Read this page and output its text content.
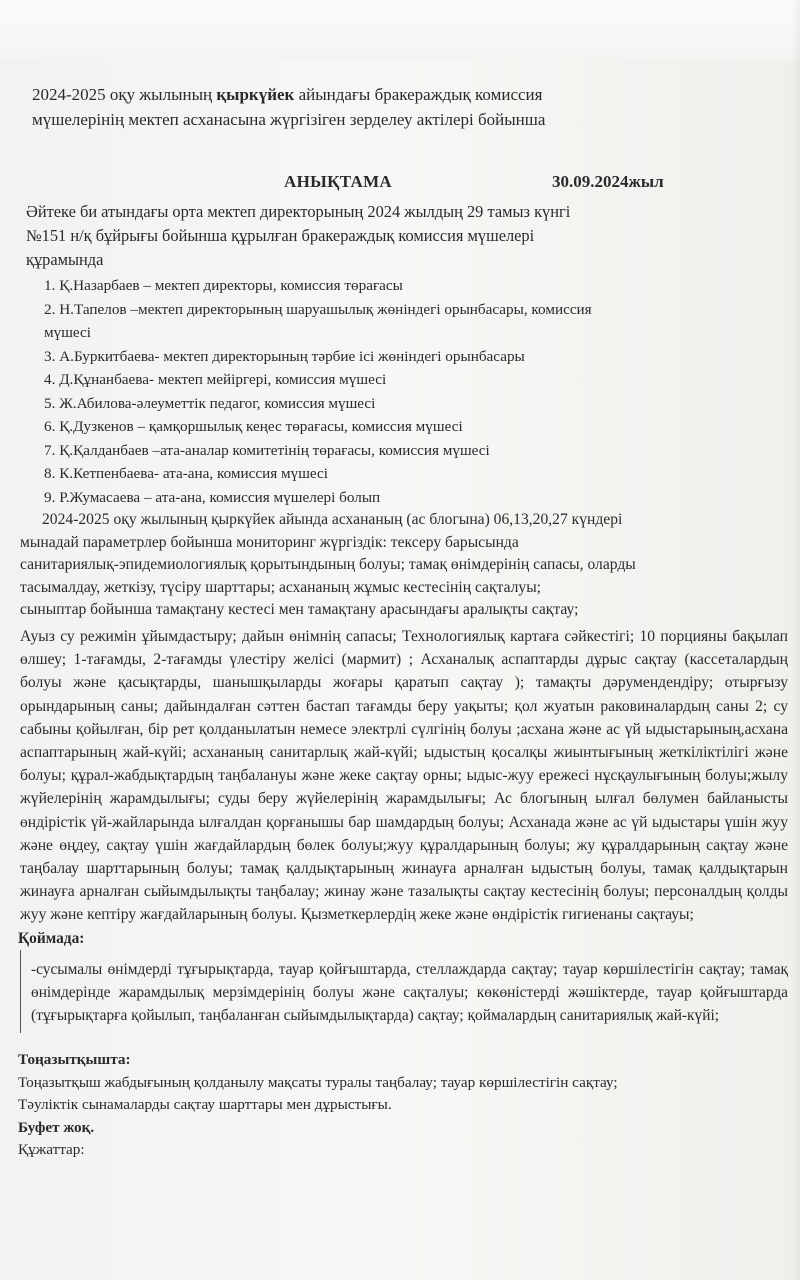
2024-2025 оқу жылының қыркүйек айындағы бракераждық комиссия
мүшелерінің мектеп асханасына жүргізіген зерделеу актілері бойынша

АНЫҚТАМА	30.09.2024жыл

Әйтеке би атындағы орта мектеп директорының 2024 жылдың 29 тамыз күнгі
№151 н/қ бұйрығы бойынша құрылған бракераждық комиссия мүшелері
құрамында

1. Қ.Назарбаев – мектеп директоры, комиссия төрағасы
2. Н.Тапелов –мектеп директорының шаруашылық жөніндегі орынбасары, комиссия
мүшесі
3. А.Буркитбаева- мектеп директорының тәрбие ісі жөніндегі орынбасары
4. Д.Құнанбаева- мектеп мейіргері, комиссия мүшесі
5. Ж.Абилова-әлеуметтік педагог, комиссия мүшесі
6. Қ.Дузкенов – қамқоршылық кеңес төрағасы, комиссия мүшесі
7. Қ.Қалданбаев –ата-аналар комитетінің төрағасы, комиссия мүшесі
8. К.Кетпенбаева- ата-ана, комиссия мүшесі
9. Р.Жумасаева – ата-ана, комиссия мүшелері болып

2024-2025 оқу жылының қыркүйек айында асхананың (ас блогына) 06,13,20,27 күндері

мынадай параметрлер бойынша мониторинг жүргіздік: тексеру барысында

санитариялық-эпидемиологиялық қорытындының болуы; тамақ өнімдерінің сапасы, оларды

тасымалдау, жеткізу, түсіру шарттары; асхананың жұмыс кестесінің сақталуы;

сыныптар бойынша тамақтану кестесі мен тамақтану арасындағы аралықты сақтау;

Ауыз су режимін ұйымдастыру; дайын өнімнің сапасы; Технологиялық картаға сәйкестігі; 10 порцияны бақылап өлшеу; 1-тағамды, 2-тағамды үлестіру желісі (мармит) ; Асханалық аспаптарды дұрыс сақтау (кассеталардың болуы және қасықтарды, шанышқыларды жоғары қаратып сақтау ); тамақты дәрумендендіру; отырғызу орындарының саны; дайындалған сәттен бастап тағамды беру уақыты; қол жуатын раковиналардың саны 2; су сабыны қойылған, бір рет қолданылатын немесе электрлі сүлгінің болуы ;асхана және ас үй ыдыстарының,асхана аспаптарының жай-күйі; асхананың санитарлық жай-күйі; ыдыстың қосалқы жиынтығының жеткіліктілігі және болуы; құрал-жабдықтардың таңбалануы және жеке сақтау орны; ыдыс-жуу ережесі нұсқаулығының болуы;жылу жүйелерінің жарамдылығы; суды беру жүйелерінің жарамдылығы; Ас блогының ылғал бөлумен байланысты өндірістік үй-жайларында ылғалдан қорғанышы бар шамдардың болуы; Асханада және ас үй ыдыстары үшін жуу және өңдеу, сақтау үшін жағдайлардың бөлек болуы;жуу құралдарының болуы; жу құралдарының сақтау және таңбалау шарттарының болуы; тамақ қалдықтарының жинауға арналған ыдыстың болуы, тамақ қалдықтарын жинауға арналған сыйымдылықты таңбалау; жинау және тазалықты сақтау кестесінің болуы; персоналдың қолды жуу және кептіру жағдайларының болуы. Қызметкерлердің жеке және өндірістік гигиенаны сақтауы;

Қоймада:

-сусымалы өнімдерді тұғырықтарда, тауар қойғыштарда, стеллаждарда сақтау; тауар көршілестігін сақтау; тамақ өнімдерінде жарамдылық мерзімдерінің болуы және сақталуы; көкөністерді жәшіктерде, тауар қойғыштарда (тұғырықтарға қойылып, таңбаланған сыйымдылықтарда) сақтау; қоймалардың санитариялық жай-күйі;

Тоңазытқышта:

Тоңазытқыш жабдығының қолданылу мақсаты туралы таңбалау; тауар көршілестігін сақтау;

Тәуліктік сынамаларды сақтау шарттары мен дұрыстығы.

Буфет жоқ.

Құжаттар:
